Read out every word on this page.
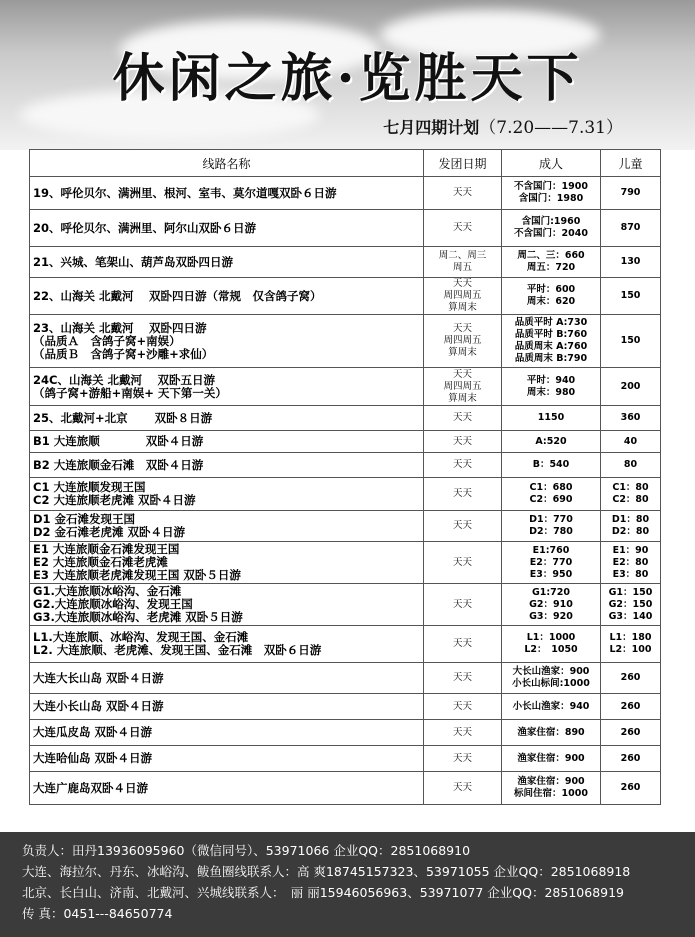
休闲之旅·览胜天下
七月四期计划（7.20——7.31）
线路名称	发团日期	成人	儿童

19、呼伦贝尔、满洲里、根河、室韦、莫尔道嘎双卧６日游	天天	不含国门：1900
含国门：1980	790

20、呼伦贝尔、满洲里、阿尔山双卧６日游	天天	含国门:1960
不含国门：2040	870

21、兴城、笔架山、葫芦岛双卧四日游	周二、周三
周五	周二、三：660
周五：720	130

22、山海关 北戴河　 双卧四日游（常规　仅含鸽子窝）	天天
周四周五
算周末	平时：600
周末：620	150

23、山海关 北戴河　 双卧四日游
（品质Ａ　含鸽子窝+南娱）
（品质Ｂ　含鸽子窝+沙雕+求仙）	天天
周四周五
算周末	品质平时 A:730
品质平时 B:760
品质周末 A:760
品质周末 B:790	150

24C、山海关 北戴河　 双卧五日游
（鸽子窝+游船+南娱+ 天下第一关）	天天
周四周五
算周末	平时：940
周末：980	200

25、北戴河+北京　　 双卧８日游	天天	1150	360

B1 大连旅顺　　　　双卧４日游	天天	A:520	40

B2 大连旅顺金石滩　双卧４日游	天天	B：540	80

C1 大连旅顺发现王国
C2 大连旅顺老虎滩 双卧４日游	天天	C1：680
C2：690	C1：80
C2：80

D1 金石滩发现王国
D2 金石滩老虎滩 双卧４日游	天天	D1：770
D2：780	D1：80
D2：80

E1 大连旅顺金石滩发现王国
E2 大连旅顺金石滩老虎滩
E3 大连旅顺老虎滩发现王国 双卧５日游	天天	E1:760
E2：770
E3：950	E1：90
E2：80
E3：80

G1.大连旅顺冰峪沟、金石滩
G2.大连旅顺冰峪沟、发现王国
G3.大连旅顺冰峪沟、老虎滩 双卧５日游	天天	G1:720
G2：910
G3：920	G1：150
G2：150
G3：140

L1.大连旅顺、冰峪沟、发现王国、金石滩
L2. 大连旅顺、老虎滩、发现王国、金石滩　双卧６日游	天天	L1：1000
L2：　1050	L1：180
L2：100

大连大长山岛 双卧４日游	天天	大长山渔家：900
小长山标间:1000	260

大连小长山岛 双卧４日游	天天	小长山渔家：940	260

大连瓜皮岛 双卧４日游	天天	渔家住宿：890	260

大连哈仙岛 双卧４日游	天天	渔家住宿：900	260

大连广鹿岛双卧４日游	天天	渔家住宿：900
标间住宿：1000	260
负责人：田丹13936095960（微信同号）、53971066 企业QQ：2851068910
大连、海拉尔、丹东、冰峪沟、鲅鱼圈线联系人：高 爽18745157323、53971055 企业QQ：2851068918
北京、长白山、济南、北戴河、兴城线联系人：　丽 丽15946056963、53971077 企业QQ：2851068919
传 真：0451---84650774
